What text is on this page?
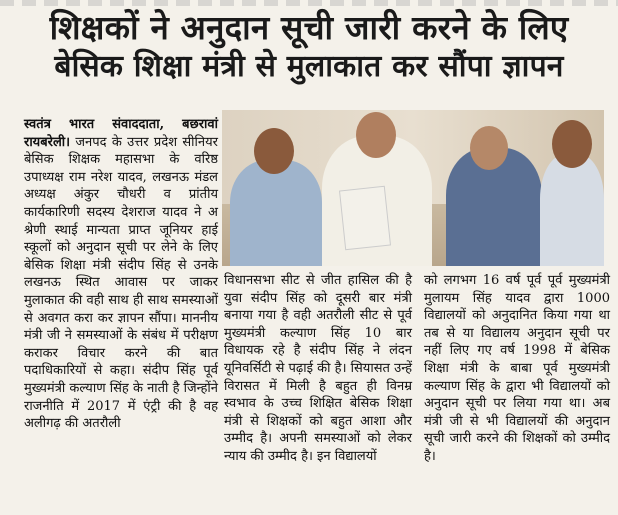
शिक्षकों ने अनुदान सूची जारी करने के लिए
बेसिक शिक्षा मंत्री से मुलाकात कर सौंपा ज्ञापन

स्वतंत्र भारत संवाददाता, बछरावां रायबरेली। जनपद के उत्तर प्रदेश सीनियर बेसिक शिक्षक महासभा के वरिष्ठ उपाध्यक्ष राम नरेश यादव, लखनऊ मंडल अध्यक्ष अंकुर चौधरी व प्रांतीय कार्यकारिणी सदस्य देशराज यादव ने अ श्रेणी स्थाई मान्यता प्राप्त जूनियर हाई स्कूलों को अनुदान सूची पर लेने के लिए बेसिक शिक्षा मंत्री संदीप सिंह से उनके लखनऊ स्थित आवास पर जाकर मुलाकात की वही साथ ही साथ समस्याओं से अवगत करा कर ज्ञापन सौंपा। माननीय मंत्री जी ने समस्याओं के संबंध में परीक्षण कराकर विचार करने की बात पदाधिकारियों से कहा। संदीप सिंह पूर्व मुख्यमंत्री कल्याण सिंह के नाती है जिन्होंने राजनीति में 2017 में एंट्री की है वह अलीगढ़ की अतरौली

विधानसभा सीट से जीत हासिल की है युवा संदीप सिंह को दूसरी बार मंत्री बनाया गया है वही अतरौली सीट से पूर्व मुख्यमंत्री कल्याण सिंह 10 बार विधायक रहे है संदीप सिंह ने लंदन यूनिवर्सिटी से पढ़ाई की है। सियासत उन्हें विरासत में मिली है बहुत ही विनम्र स्वभाव के उच्च शिक्षित बेसिक शिक्षा मंत्री से शिक्षकों को बहुत आशा और उम्मीद है। अपनी समस्याओं को लेकर न्याय की उम्मीद है। इन विद्यालयों

को लगभग 16 वर्ष पूर्व पूर्व मुख्यमंत्री मुलायम सिंह यादव द्वारा 1000 विद्यालयों को अनुदानित किया गया था तब से या विद्यालय अनुदान सूची पर नहीं लिए गए वर्ष 1998 में बेसिक शिक्षा मंत्री के बाबा पूर्व मुख्यमंत्री कल्याण सिंह के द्वारा भी विद्यालयों को अनुदान सूची पर लिया गया था। अब मंत्री जी से भी विद्यालयों की अनुदान सूची जारी करने की शिक्षकों को उम्मीद है।
